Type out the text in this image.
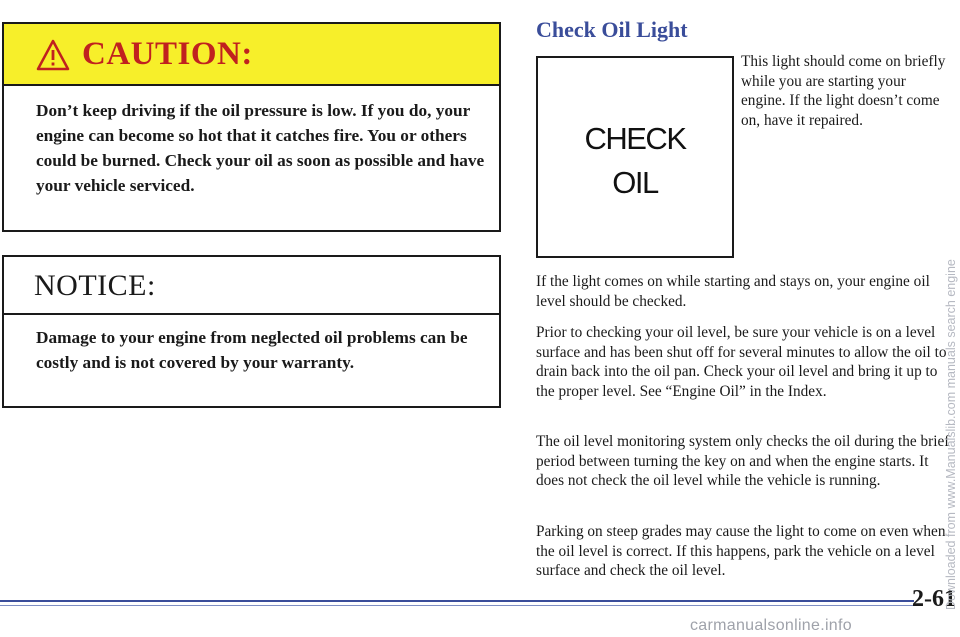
CAUTION:
Don’t keep driving if the oil pressure is low. If you do, your engine can become so hot that it catches fire. You or others could be burned. Check your oil as soon as possible and have your vehicle serviced.
NOTICE:
Damage to your engine from neglected oil problems can be costly and is not covered by your warranty.
Check Oil Light
CHECK
OIL
This light should come on briefly while you are starting your engine. If the light doesn’t come on, have it repaired.
If the light comes on while starting and stays on, your engine oil level should be checked.
Prior to checking your oil level, be sure your vehicle is on a level surface and has been shut off for several minutes to allow the oil to drain back into the oil pan. Check your oil level and bring it up to the proper level. See “Engine Oil” in the Index.
The oil level monitoring system only checks the oil during the brief period between turning the key on and when the engine starts. It does not check the oil level while the vehicle is running.
Parking on steep grades may cause the light to come on even when the oil level is correct. If this happens, park the vehicle on a level surface and check the oil level.
2-61
Downloaded from www.Manualslib.com manuals search engine
carmanualsonline.info
